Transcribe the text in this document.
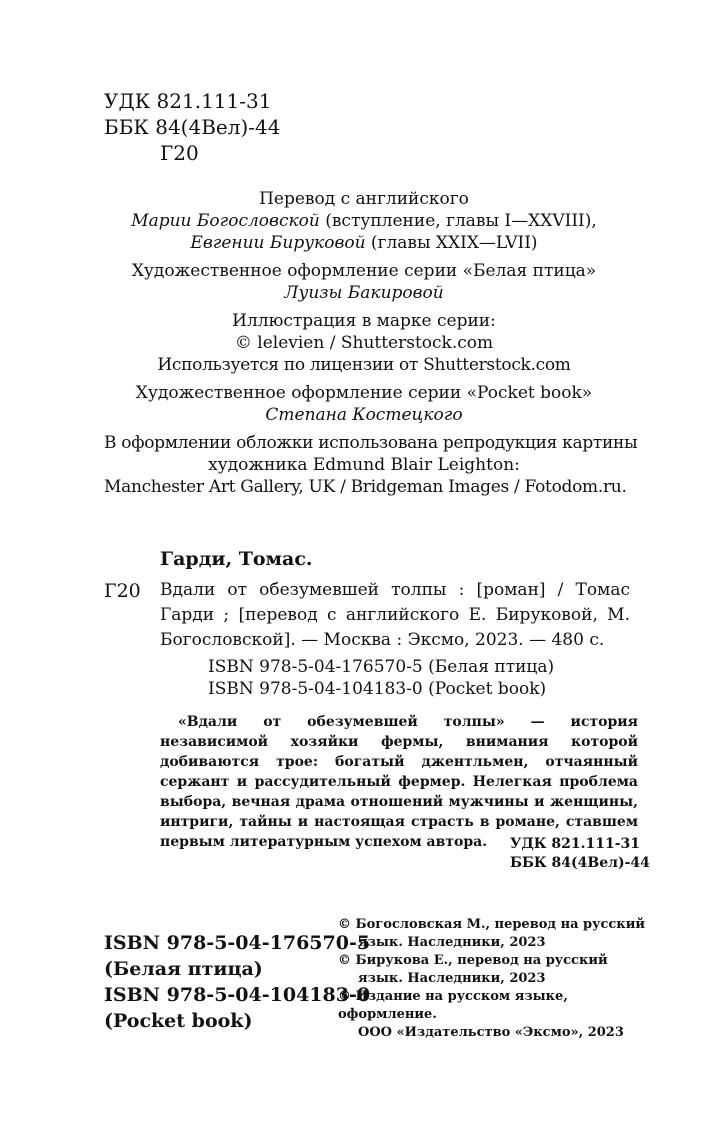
УДК 821.111-31
ББК 84(4Вел)-44
Г20

Перевод с английского
Марии Богословской (вступление, главы I—XXVIII),
Евгении Бируковой (главы XXIX—LVII)

Художественное оформление серии «Белая птица»
Луизы Бакировой

Иллюстрация в марке серии:
© leleviеn / Shutterstock.com
Используется по лицензии от Shutterstock.com

Художественное оформление серии «Pocket book»
Степана Костецкого

В оформлении обложки использована репродукция картины
художника Edmund Blair Leighton:
Manchester Art Gallery, UK / Bridgeman Images / Fotodom.ru.

Гарди, Томас.
Г20 Вдали от обезумевшей толпы : [роман] / Томас Гарди ; [перевод с английского Е. Бируковой, М. Богословской]. — Москва : Эксмо, 2023. — 480 с.
ISBN 978-5-04-176570-5 (Белая птица)
ISBN 978-5-04-104183-0 (Pocket book)
«Вдали от обезумевшей толпы» — история независимой хозяйки фермы, внимания которой добиваются трое: богатый джентльмен, отчаянный сержант и рассудительный фермер. Нелегкая проблема выбора, вечная драма отношений мужчины и женщины, интриги, тайны и настоящая страсть в романе, ставшем первым литературным успехом автора.	УДК 821.111-31
ББК 84(4Вел)-44
ISBN 978-5-04-176570-5
(Белая птица)
ISBN 978-5-04-104183-0
(Pocket book)
© Богословская М., перевод на русский
язык. Наследники, 2023
© Бирукова Е., перевод на русский
язык. Наследники, 2023
© Издание на русском языке, оформление.
ООО «Издательство «Эксмо», 2023
